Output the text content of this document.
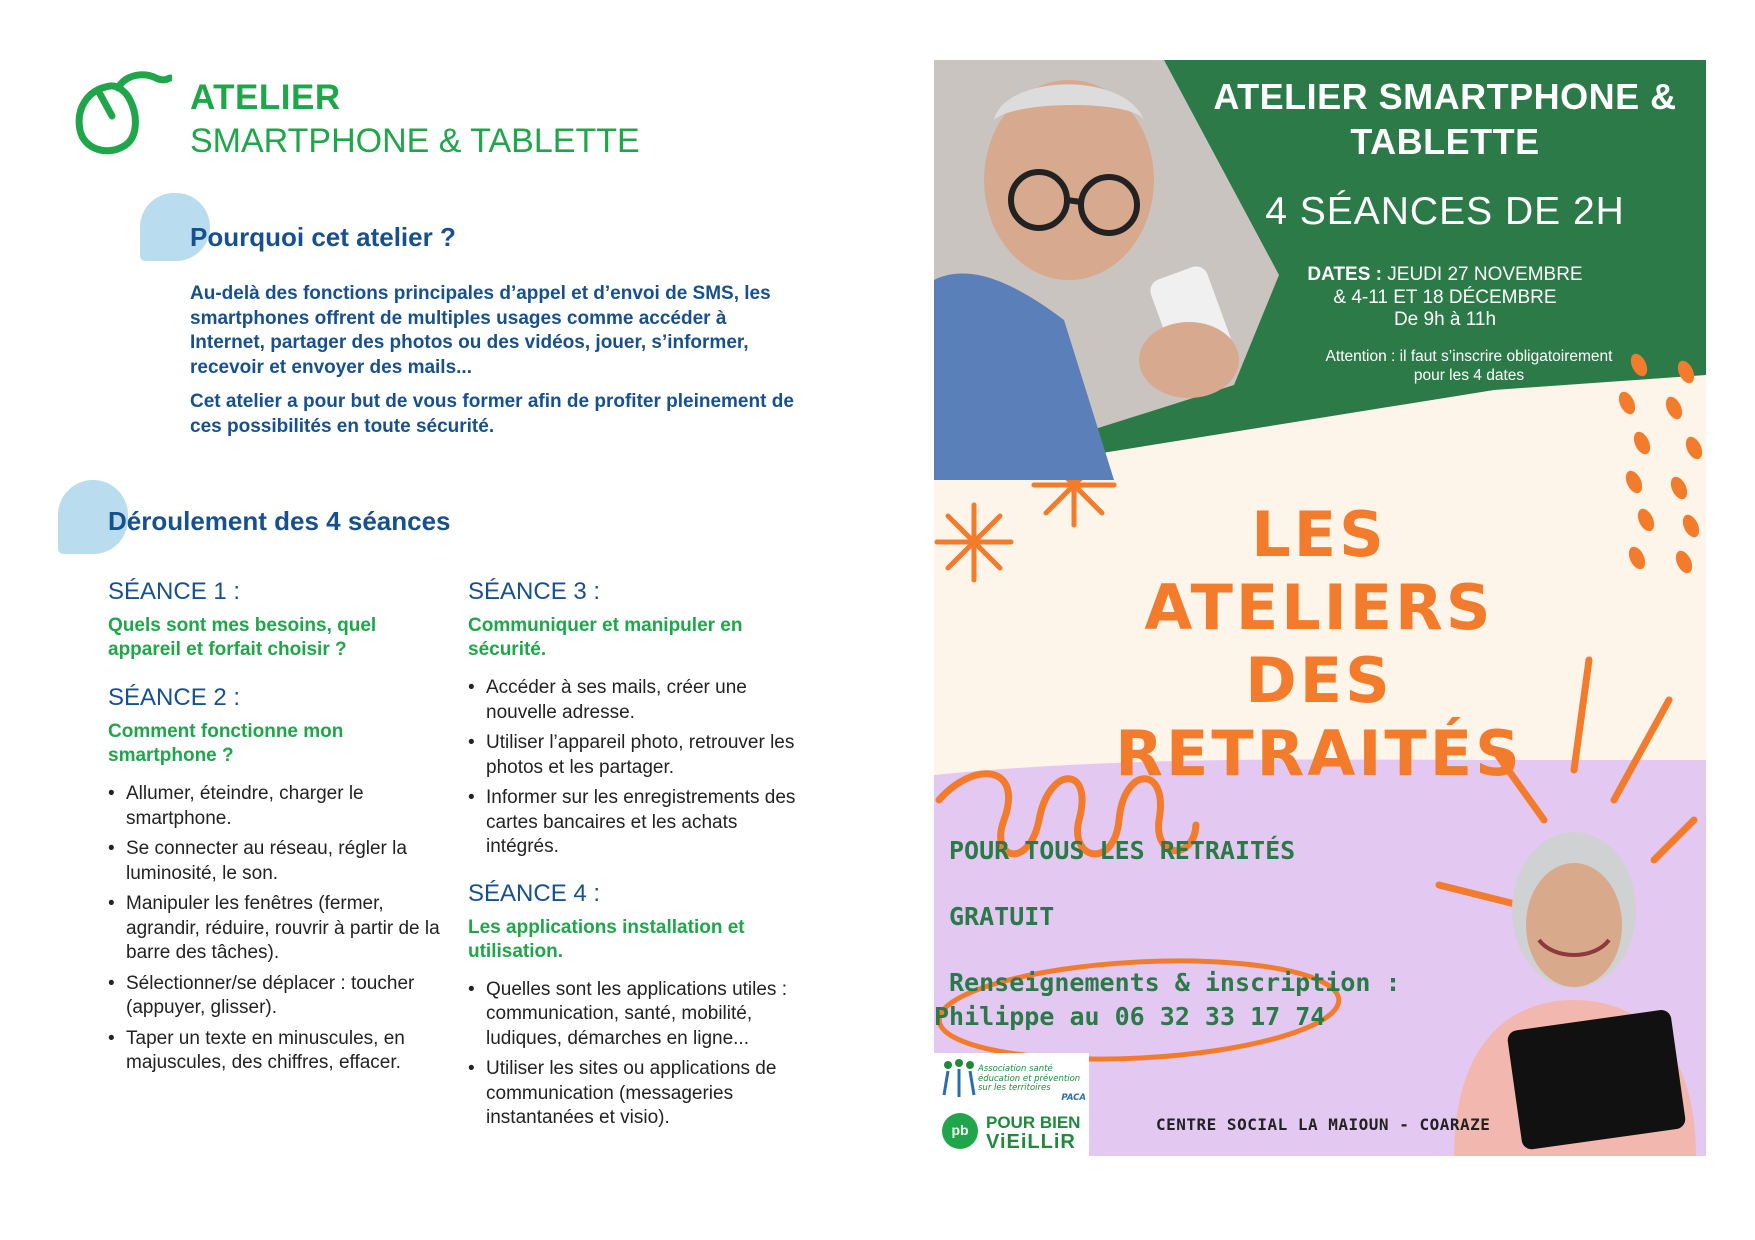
ATELIER
SMARTPHONE & TABLETTE
Pourquoi cet atelier ?

Au-delà des fonctions principales d’appel et d’envoi de SMS, les smartphones offrent de multiples usages comme accéder à Internet, partager des photos ou des vidéos, jouer, s’informer, recevoir et envoyer des mails...

Cet atelier a pour but de vous former afin de profiter pleinement de ces possibilités en toute sécurité.

Déroulement des 4 séances
SÉANCE 1 :
Quels sont mes besoins, quel appareil et forfait choisir ?
SÉANCE 2 :
Comment fonctionne mon smartphone ?
• Allumer, éteindre, charger le smartphone.
• Se connecter au réseau, régler la luminosité, le son.
• Manipuler les fenêtres (fermer, agrandir, réduire, rouvrir à partir de la barre des tâches).
• Sélectionner/se déplacer : toucher (appuyer, glisser).
• Taper un texte en minuscules, en majuscules, des chiffres, effacer.
SÉANCE 3 :
Communiquer et manipuler en sécurité.
• Accéder à ses mails, créer une nouvelle adresse.
• Utiliser l’appareil photo, retrouver les photos et les partager.
• Informer sur les enregistrements des cartes bancaires et les achats intégrés.
SÉANCE 4 :
Les applications installation et utilisation.
• Quelles sont les applications utiles : communication, santé, mobilité, ludiques, démarches en ligne...
• Utiliser les sites ou applications de communication (messageries instantanées et visio).
ATELIER SMARTPHONE & TABLETTE
4 SÉANCES DE 2H
DATES : JEUDI 27 NOVEMBRE
& 4-11 ET 18 DÉCEMBRE
De 9h à 11h
Attention : il faut s’inscrire obligatoirement
pour les 4 dates
LES ATELIERS
DES
RETRAITÉS
POUR TOUS LES RETRAITÉS
GRATUIT
Renseignements & inscription :
Philippe au 06 32 33 17 74
Association santé éducation et prévention sur les territoires
PACA
pb	POUR BIEN
ViEiLLiR
CENTRE SOCIAL LA MAIOUN - COARAZE
